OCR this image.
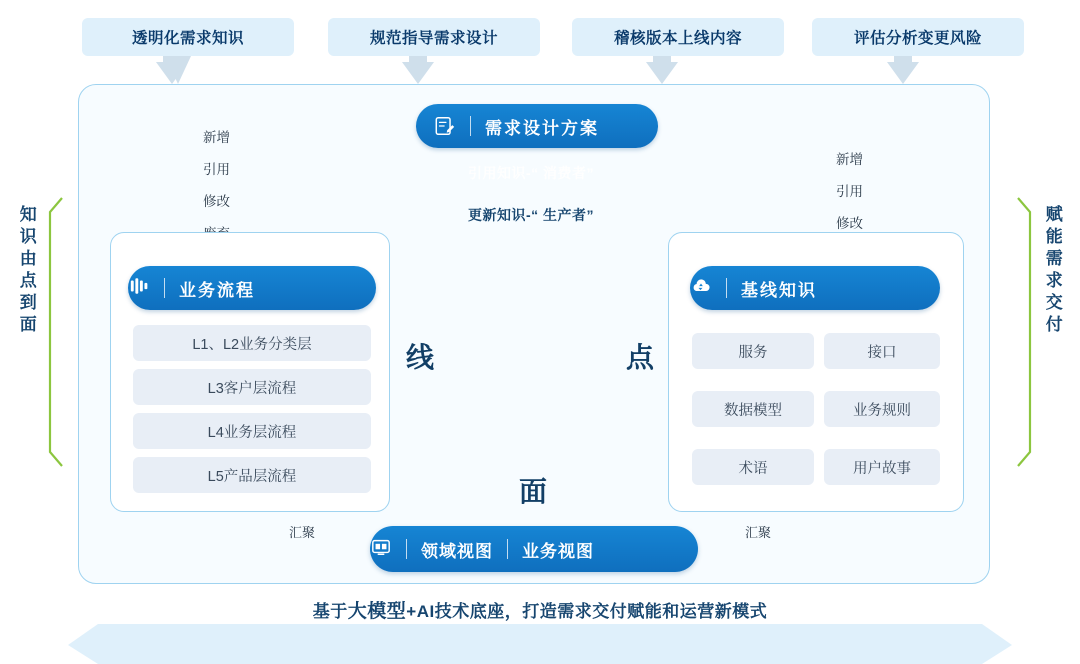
透明化需求知识	规范指导需求设计	稽核版本上线内容	评估分析变更风险
需求设计方案
引用知识-“ 消费者”
更新知识-“ 生产者”
新增
引用
修改
新增
引用
修改
业务流程
L1、L2业务分类层
L3客户层流程
L4业务层流程
L5产品层流程
基线知识
服务	接口
数据模型	业务规则
术语	用户故事
线	点
面
汇聚	汇聚
领域视图 业务视图
知识由点到面	赋能需求交付
基于大模型+AI技术底座，打造需求交付赋能和运营新模式
